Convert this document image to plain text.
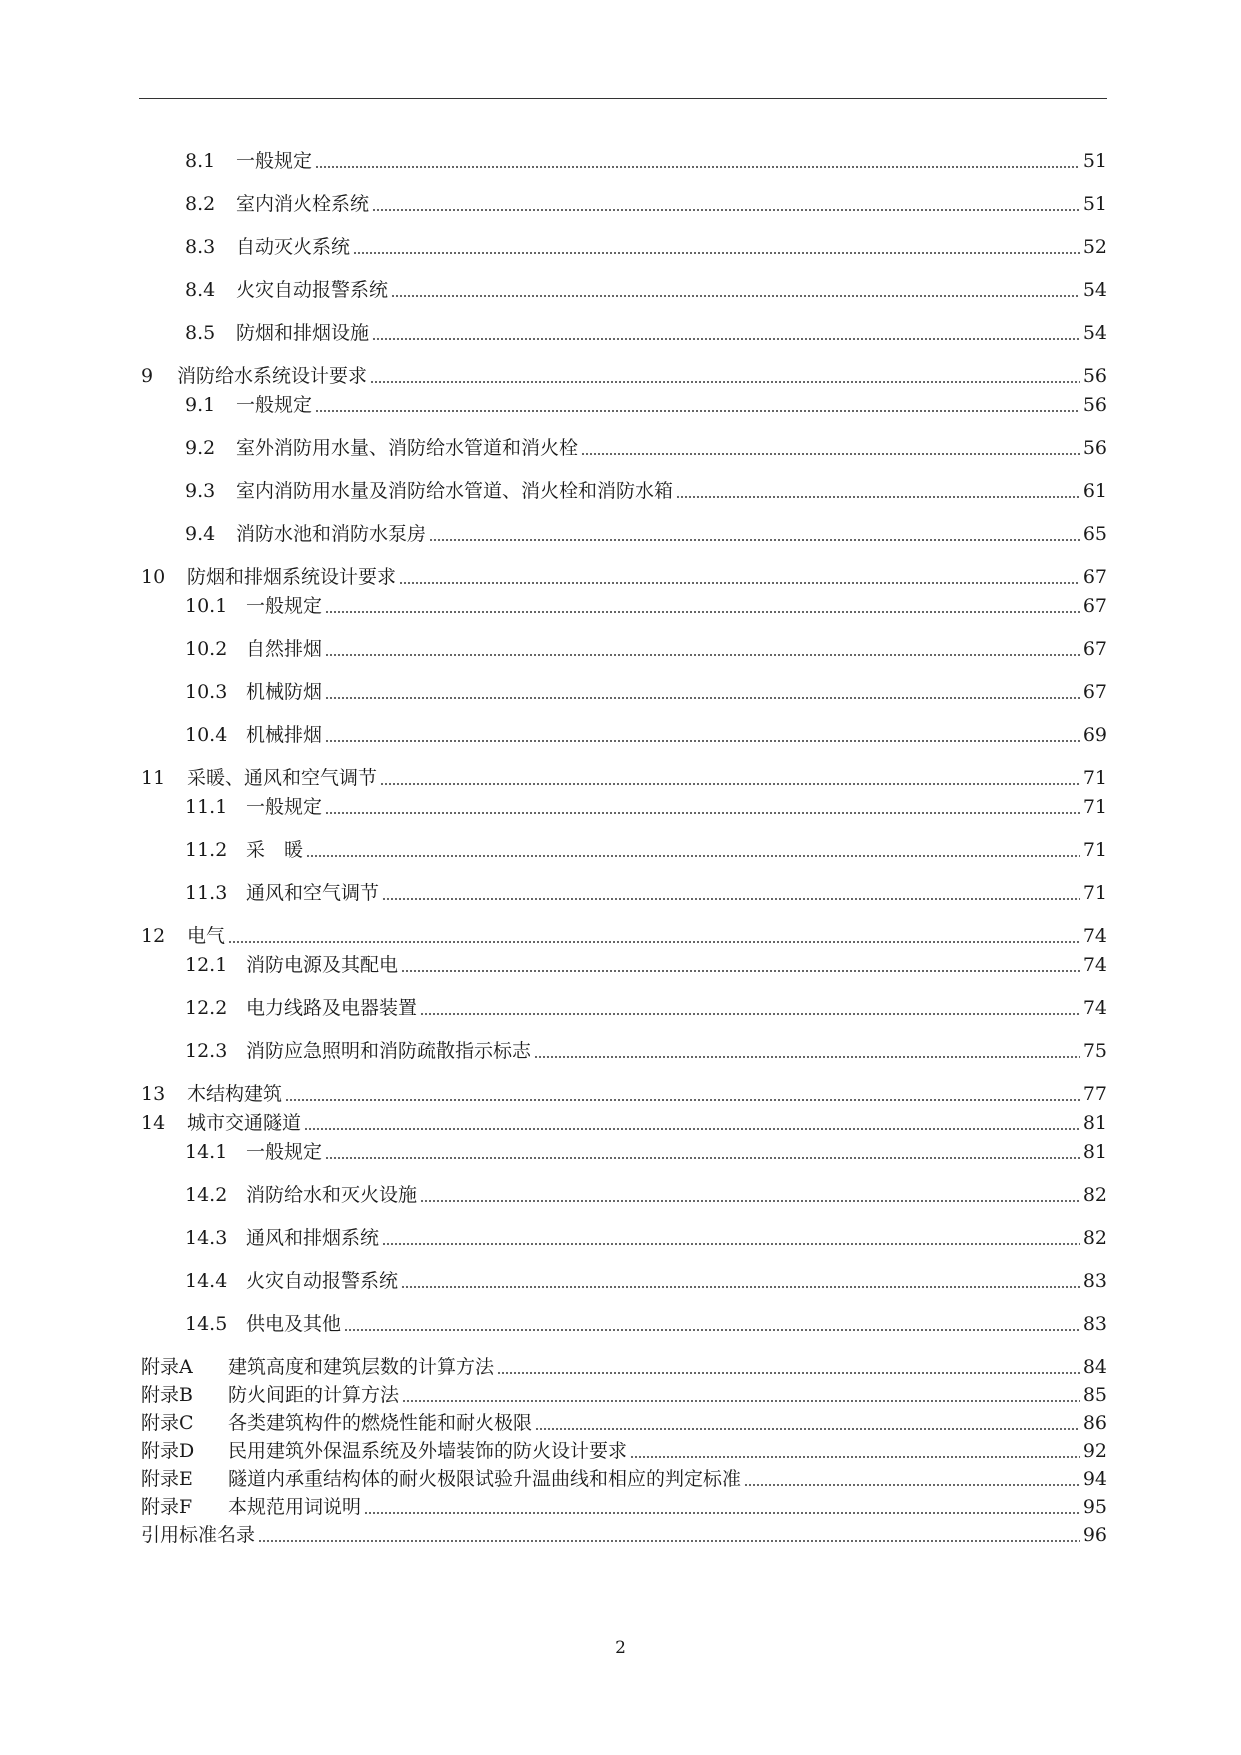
8.1	一般规定	51
8.2	室内消火栓系统	51
8.3	自动灭火系统	52
8.4	火灾自动报警系统	54
8.5	防烟和排烟设施	54
9	消防给水系统设计要求	56
9.1	一般规定	56
9.2	室外消防用水量、消防给水管道和消火栓	56
9.3	室内消防用水量及消防给水管道、消火栓和消防水箱	61
9.4	消防水池和消防水泵房	65
10	防烟和排烟系统设计要求	67
10.1 一般规定	67
10.2 自然排烟	67
10.3 机械防烟	67
10.4 机械排烟	69
11	采暖、通风和空气调节	71
11.1 一般规定	71
11.2 采　暖	71
11.3 通风和空气调节	71
12	电气	74
12.1 消防电源及其配电	74
12.2 电力线路及电器装置	74
12.3 消防应急照明和消防疏散指示标志	75
13	木结构建筑	77
14	城市交通隧道	81
14.1 一般规定	81
14.2 消防给水和灭火设施	82
14.3 通风和排烟系统	82
14.4 火灾自动报警系统	83
14.5 供电及其他	83
附录A	建筑高度和建筑层数的计算方法	84
附录B	防火间距的计算方法	85
附录C	各类建筑构件的燃烧性能和耐火极限	86
附录D	民用建筑外保温系统及外墙装饰的防火设计要求	92
附录E	隧道内承重结构体的耐火极限试验升温曲线和相应的判定标准	94
附录F	本规范用词说明	95
引用标准名录	96
2
